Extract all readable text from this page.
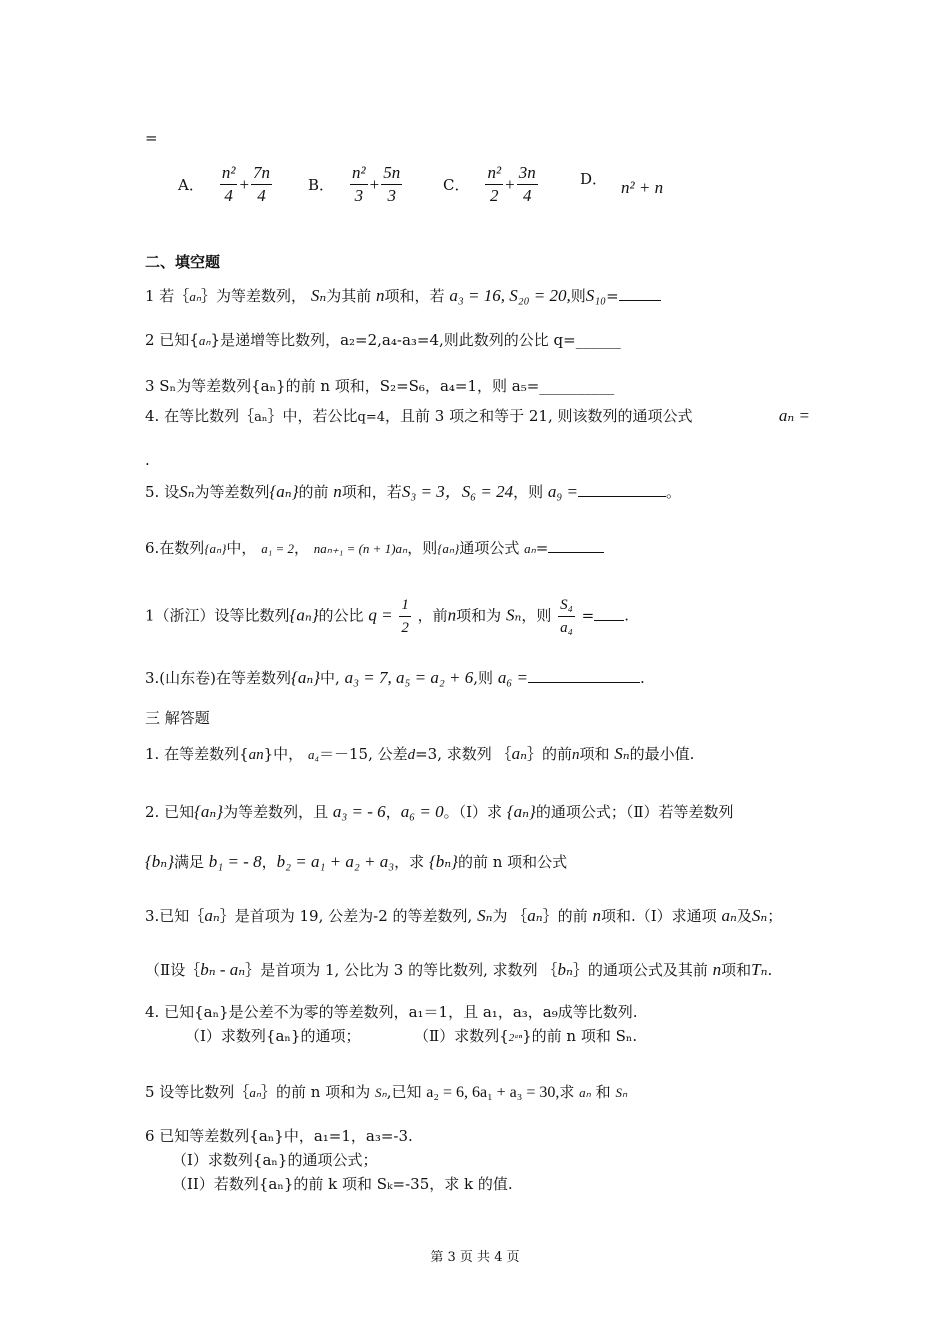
=
A． $\frac{\text{n²}}{4} + \frac{7n}{4}$ B． $\frac{\text{n²}}{3} + \frac{5n}{3}$	C． $\frac{\text{n²}}{2} + \frac{3n}{4}$	D． n² + n
二、填空题
1 若｛aₙ｝为等差数列， Sₙ为其前 n项和，若 a₃ = 16, S₂₀ = 20,则S₁₀=
2 已知{aₙ}是递增等比数列，a₂=2,a₄-a₃=4,则此数列的公比 q=______
3 Sₙ为等差数列{aₙ}的前 n 项和，S₂=S₆，a₄=1，则 a₅=__________
4. 在等比数列｛aₙ｝中，若公比q=4，且前 3 项之和等于 21, 则该数列的通项公式	aₙ =
.
5. 设Sₙ为等差数列{aₙ}的前 n项和，若S₃ = 3，S₆ = 24，则 a₉ =	。
6.在数列{aₙ}中， a₁ = 2， naₙ₊₁ = (n + 1)aₙ，则{aₙ}通项公式 aₙ=
1（浙江）设等比数列{aₙ}的公比 $q = \frac{1}{2}$ ，前n项和为 Sₙ，则 $\frac{\text{S₄}}{\text{a₄}}$ = .
3.(山东卷)在等差数列{aₙ}中, a₃ = 7, a₅ = a₂ + 6,则 a₆ =	.
三 解答题
1. 在等差数列{an}中， a₄＝－15, 公差d=3, 求数列 ｛aₙ｝的前n项和 Sₙ的最小值.
2. 已知{aₙ}为等差数列，且 a₃ = - 6，a₆ = 0。（Ⅰ）求 {aₙ}的通项公式；（Ⅱ）若等差数列
{bₙ}满足 b₁ = - 8，b₂ = a₁ + a₂ + a₃，求 {bₙ}的前 n 项和公式
3.已知｛aₙ｝是首项为 19, 公差为-2 的等差数列, Sₙ为 ｛aₙ｝的前 n项和.（Ⅰ）求通项 aₙ及Sₙ；
（Ⅱ设｛bₙ - aₙ｝是首项为 1, 公比为 3 的等比数列, 求数列 ｛bₙ｝的通项公式及其前 n项和Tₙ.
4. 已知{aₙ}是公差不为零的等差数列，a₁＝1，且 a₁，a₃，a₉成等比数列.
（Ⅰ）求数列{aₙ}的通项；	（Ⅱ）求数列{2ᵃⁿ}的前 n 项和 Sₙ.
5 设等比数列｛aₙ｝的前 n 项和为 Sₙ,已知 a₂ = 6, 6a₁ + a₃ = 30,求 aₙ 和 Sₙ
6 已知等差数列{aₙ}中，a₁=1，a₃=-3.
（I）求数列{aₙ}的通项公式；
（II）若数列{aₙ}的前 k 项和 Sₖ=-35，求 k 的值.
第 3 页 共 4 页
